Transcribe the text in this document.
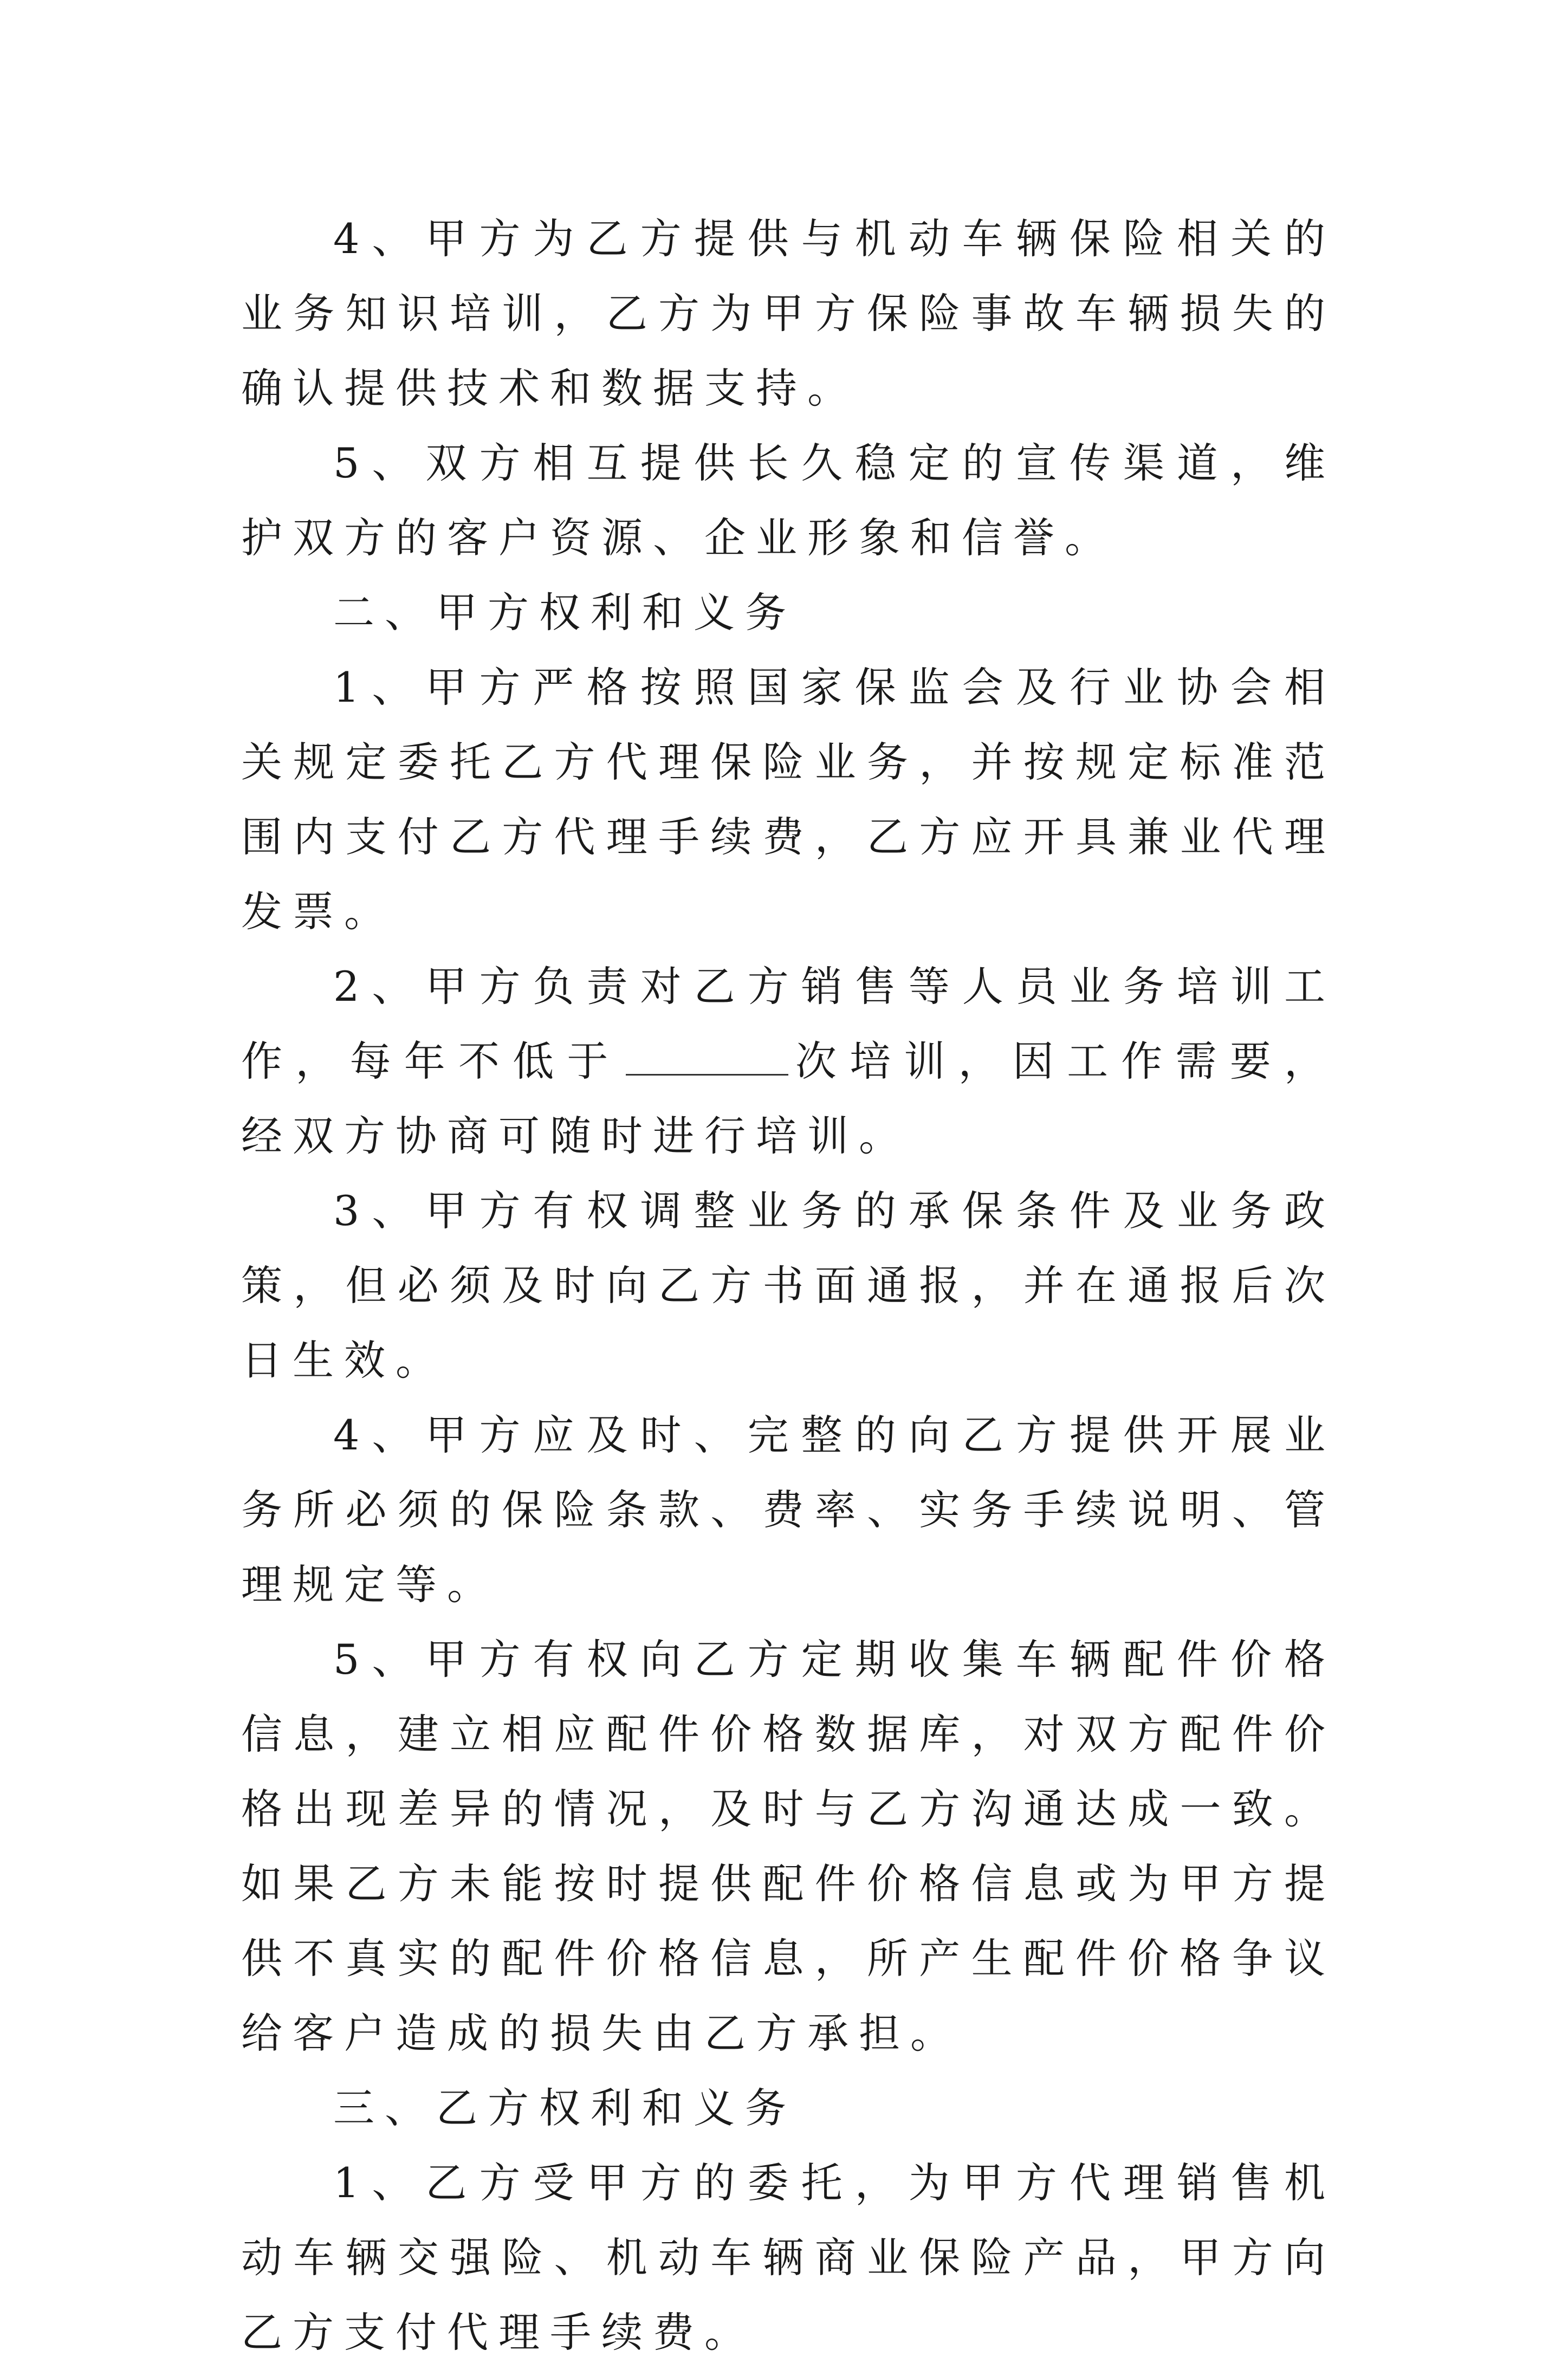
4、甲方为乙方提供与机动车辆保险相关的业务知识培训，乙方为甲方保险事故车辆损失的确认提供技术和数据支持。

5、双方相互提供长久稳定的宣传渠道，维护双方的客户资源、企业形象和信誉。

二、甲方权利和义务

1、甲方严格按照国家保监会及行业协会相关规定委托乙方代理保险业务，并按规定标准范围内支付乙方代理手续费，乙方应开具兼业代理发票。

2、甲方负责对乙方销售等人员业务培训工作，每年不低于	次培训，因工作需要，经双方协商可随时进行培训。

3、甲方有权调整业务的承保条件及业务政策，但必须及时向乙方书面通报，并在通报后次日生效。

4、甲方应及时、完整的向乙方提供开展业务所必须的保险条款、费率、实务手续说明、管理规定等。

5、甲方有权向乙方定期收集车辆配件价格信息，建立相应配件价格数据库，对双方配件价格出现差异的情况，及时与乙方沟通达成一致。如果乙方未能按时提供配件价格信息或为甲方提供不真实的配件价格信息，所产生配件价格争议给客户造成的损失由乙方承担。

三、乙方权利和义务

1、乙方受甲方的委托，为甲方代理销售机动车辆交强险、机动车辆商业保险产品，甲方向乙方支付代理手续费。
